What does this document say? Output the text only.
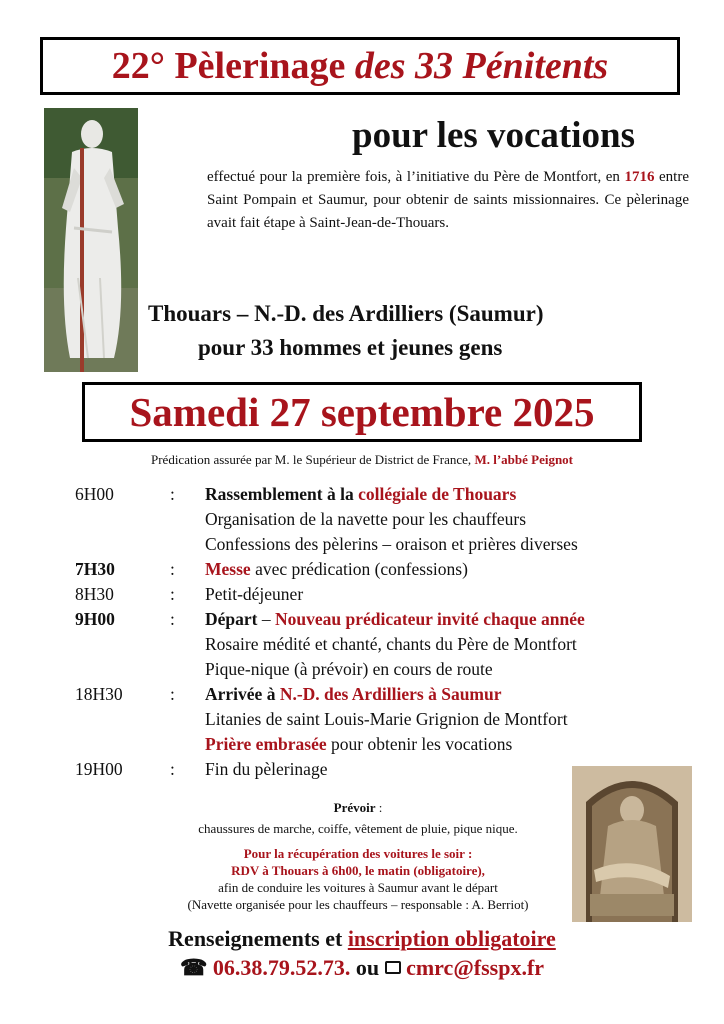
22° Pèlerinage des 33 Pénitents
pour les vocations
effectué pour la première fois, à l’initiative du Père de Montfort, en 1716 entre Saint Pompain et Saumur, pour obtenir de saints missionnaires. Ce pèlerinage avait fait étape à Saint-Jean-de-Thouars.
Thouars – N.-D. des Ardilliers (Saumur)
pour 33 hommes et jeunes gens
Samedi 27 septembre 2025
Prédication assurée par M. le Supérieur de District de France, M. l’abbé Peignot
6H00	:	Rassemblement à la collégiale de Thouars
Organisation de la navette pour les chauffeurs
Confessions des pèlerins – oraison et prières diverses
7H30	:	Messe avec prédication (confessions)
8H30	:	Petit-déjeuner
9H00	:	Départ – Nouveau prédicateur invité chaque année
Rosaire médité et chanté, chants du Père de Montfort
Pique-nique (à prévoir) en cours de route
18H30	:	Arrivée à N.-D. des Ardilliers à Saumur
Litanies de saint Louis-Marie Grignion de Montfort
Prière embrasée pour obtenir les vocations
19H00	:	Fin du pèlerinage
Prévoir :
chaussures de marche, coiffe, vêtement de pluie, pique nique.
Pour la récupération des voitures le soir :
RDV à Thouars à 6h00, le matin (obligatoire),
afin de conduire les voitures à Saumur avant le départ
(Navette organisée pour les chauffeurs – responsable : A. Berriot)
Renseignements et inscription obligatoire
☎ 06.38.79.52.73. ou  cmrc@fsspx.fr
